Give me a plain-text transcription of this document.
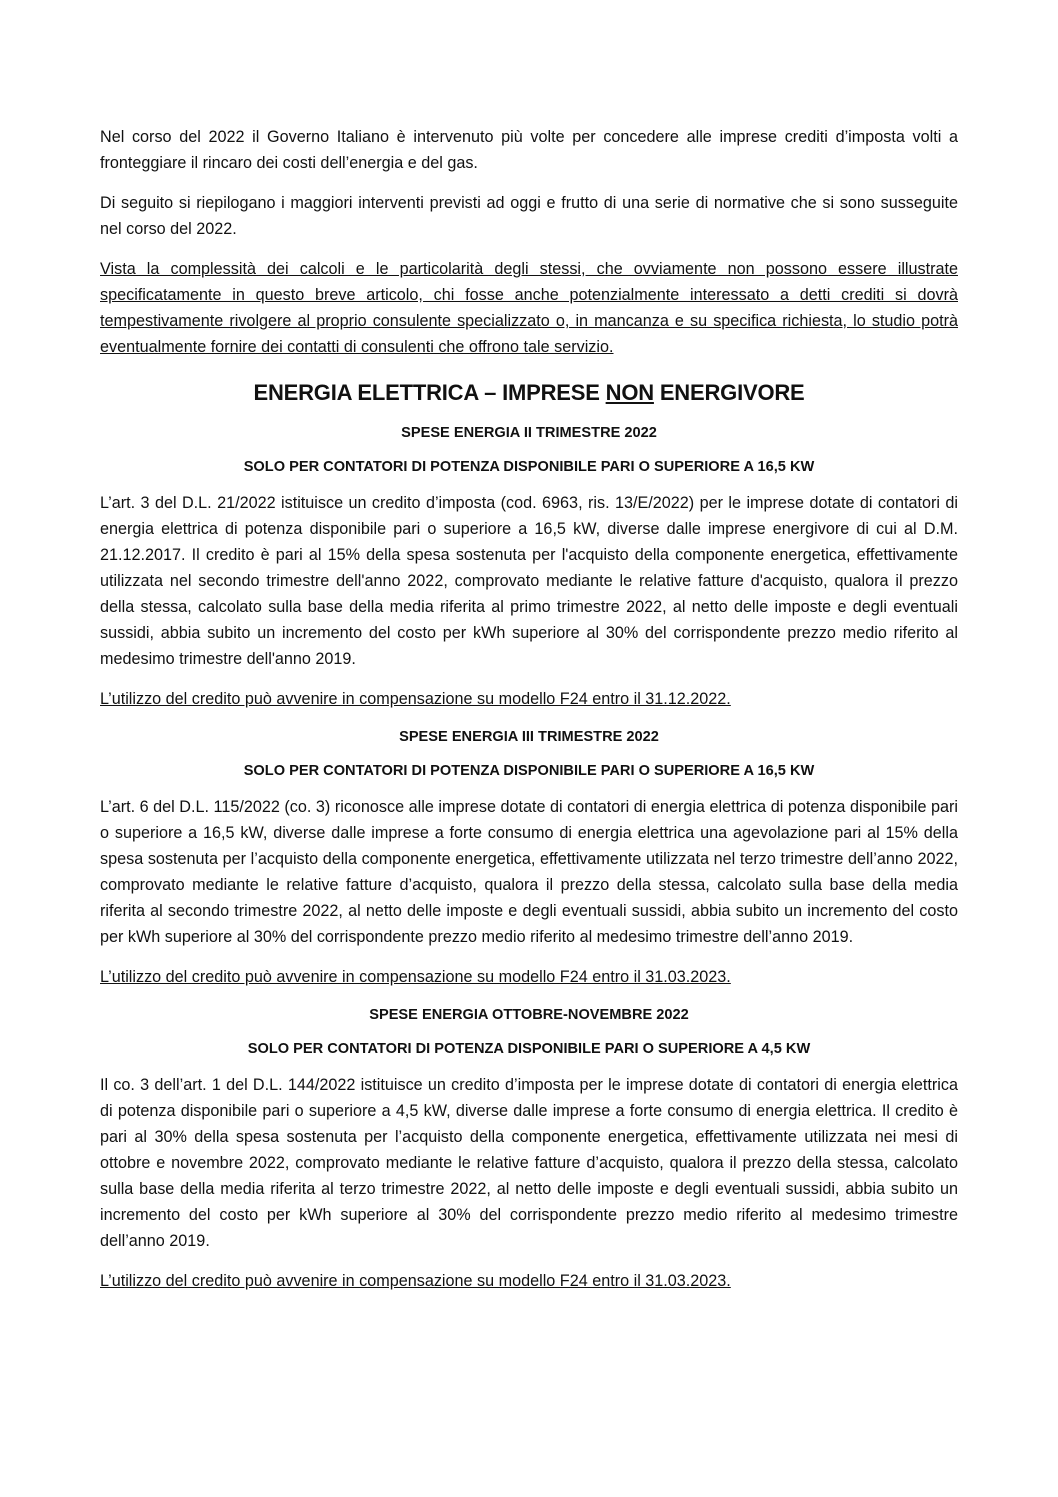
Nel corso del 2022 il Governo Italiano è intervenuto più volte per concedere alle imprese crediti d’imposta volti a fronteggiare il rincaro dei costi dell’energia e del gas.

Di seguito si riepilogano i maggiori interventi previsti ad oggi e frutto di una serie di normative che si sono susseguite nel corso del 2022.

Vista la complessità dei calcoli e le particolarità degli stessi, che ovviamente non possono essere illustrate specificatamente in questo breve articolo, chi fosse anche potenzialmente interessato a detti crediti si dovrà tempestivamente rivolgere al proprio consulente specializzato o, in mancanza e su specifica richiesta, lo studio potrà eventualmente fornire dei contatti di consulenti che offrono tale servizio.

ENERGIA ELETTRICA – IMPRESE NON ENERGIVORE
SPESE ENERGIA II TRIMESTRE 2022
SOLO PER CONTATORI DI POTENZA DISPONIBILE PARI O SUPERIORE A 16,5 KW

L’art. 3 del D.L. 21/2022 istituisce un credito d’imposta (cod. 6963, ris. 13/E/2022) per le imprese dotate di contatori di energia elettrica di potenza disponibile pari o superiore a 16,5 kW, diverse dalle imprese energivore di cui al D.M. 21.12.2017. Il credito è pari al 15% della spesa sostenuta per l'acquisto della componente energetica, effettivamente utilizzata nel secondo trimestre dell'anno 2022, comprovato mediante le relative fatture d'acquisto, qualora il prezzo della stessa, calcolato sulla base della media riferita al primo trimestre 2022, al netto delle imposte e degli eventuali sussidi, abbia subito un incremento del costo per kWh superiore al 30% del corrispondente prezzo medio riferito al medesimo trimestre dell'anno 2019.

L’utilizzo del credito può avvenire in compensazione su modello F24 entro il 31.12.2022.

SPESE ENERGIA III TRIMESTRE 2022
SOLO PER CONTATORI DI POTENZA DISPONIBILE PARI O SUPERIORE A 16,5 KW

L’art. 6 del D.L. 115/2022 (co. 3) riconosce alle imprese dotate di contatori di energia elettrica di potenza disponibile pari o superiore a 16,5 kW, diverse dalle imprese a forte consumo di energia elettrica una agevolazione pari al 15% della spesa sostenuta per l’acquisto della componente energetica, effettivamente utilizzata nel terzo trimestre dell’anno 2022, comprovato mediante le relative fatture d’acquisto, qualora il prezzo della stessa, calcolato sulla base della media riferita al secondo trimestre 2022, al netto delle imposte e degli eventuali sussidi, abbia subito un incremento del costo per kWh superiore al 30% del corrispondente prezzo medio riferito al medesimo trimestre dell’anno 2019.

L’utilizzo del credito può avvenire in compensazione su modello F24 entro il 31.03.2023.

SPESE ENERGIA OTTOBRE-NOVEMBRE 2022
SOLO PER CONTATORI DI POTENZA DISPONIBILE PARI O SUPERIORE A 4,5 KW

Il co. 3 dell’art. 1 del D.L. 144/2022 istituisce un credito d’imposta per le imprese dotate di contatori di energia elettrica di potenza disponibile pari o superiore a 4,5 kW, diverse dalle imprese a forte consumo di energia elettrica. Il credito è pari al 30% della spesa sostenuta per l’acquisto della componente energetica, effettivamente utilizzata nei mesi di ottobre e novembre 2022, comprovato mediante le relative fatture d’acquisto, qualora il prezzo della stessa, calcolato sulla base della media riferita al terzo trimestre 2022, al netto delle imposte e degli eventuali sussidi, abbia subito un incremento del costo per kWh superiore al 30% del corrispondente prezzo medio riferito al medesimo trimestre dell’anno 2019.

L’utilizzo del credito può avvenire in compensazione su modello F24 entro il 31.03.2023.
